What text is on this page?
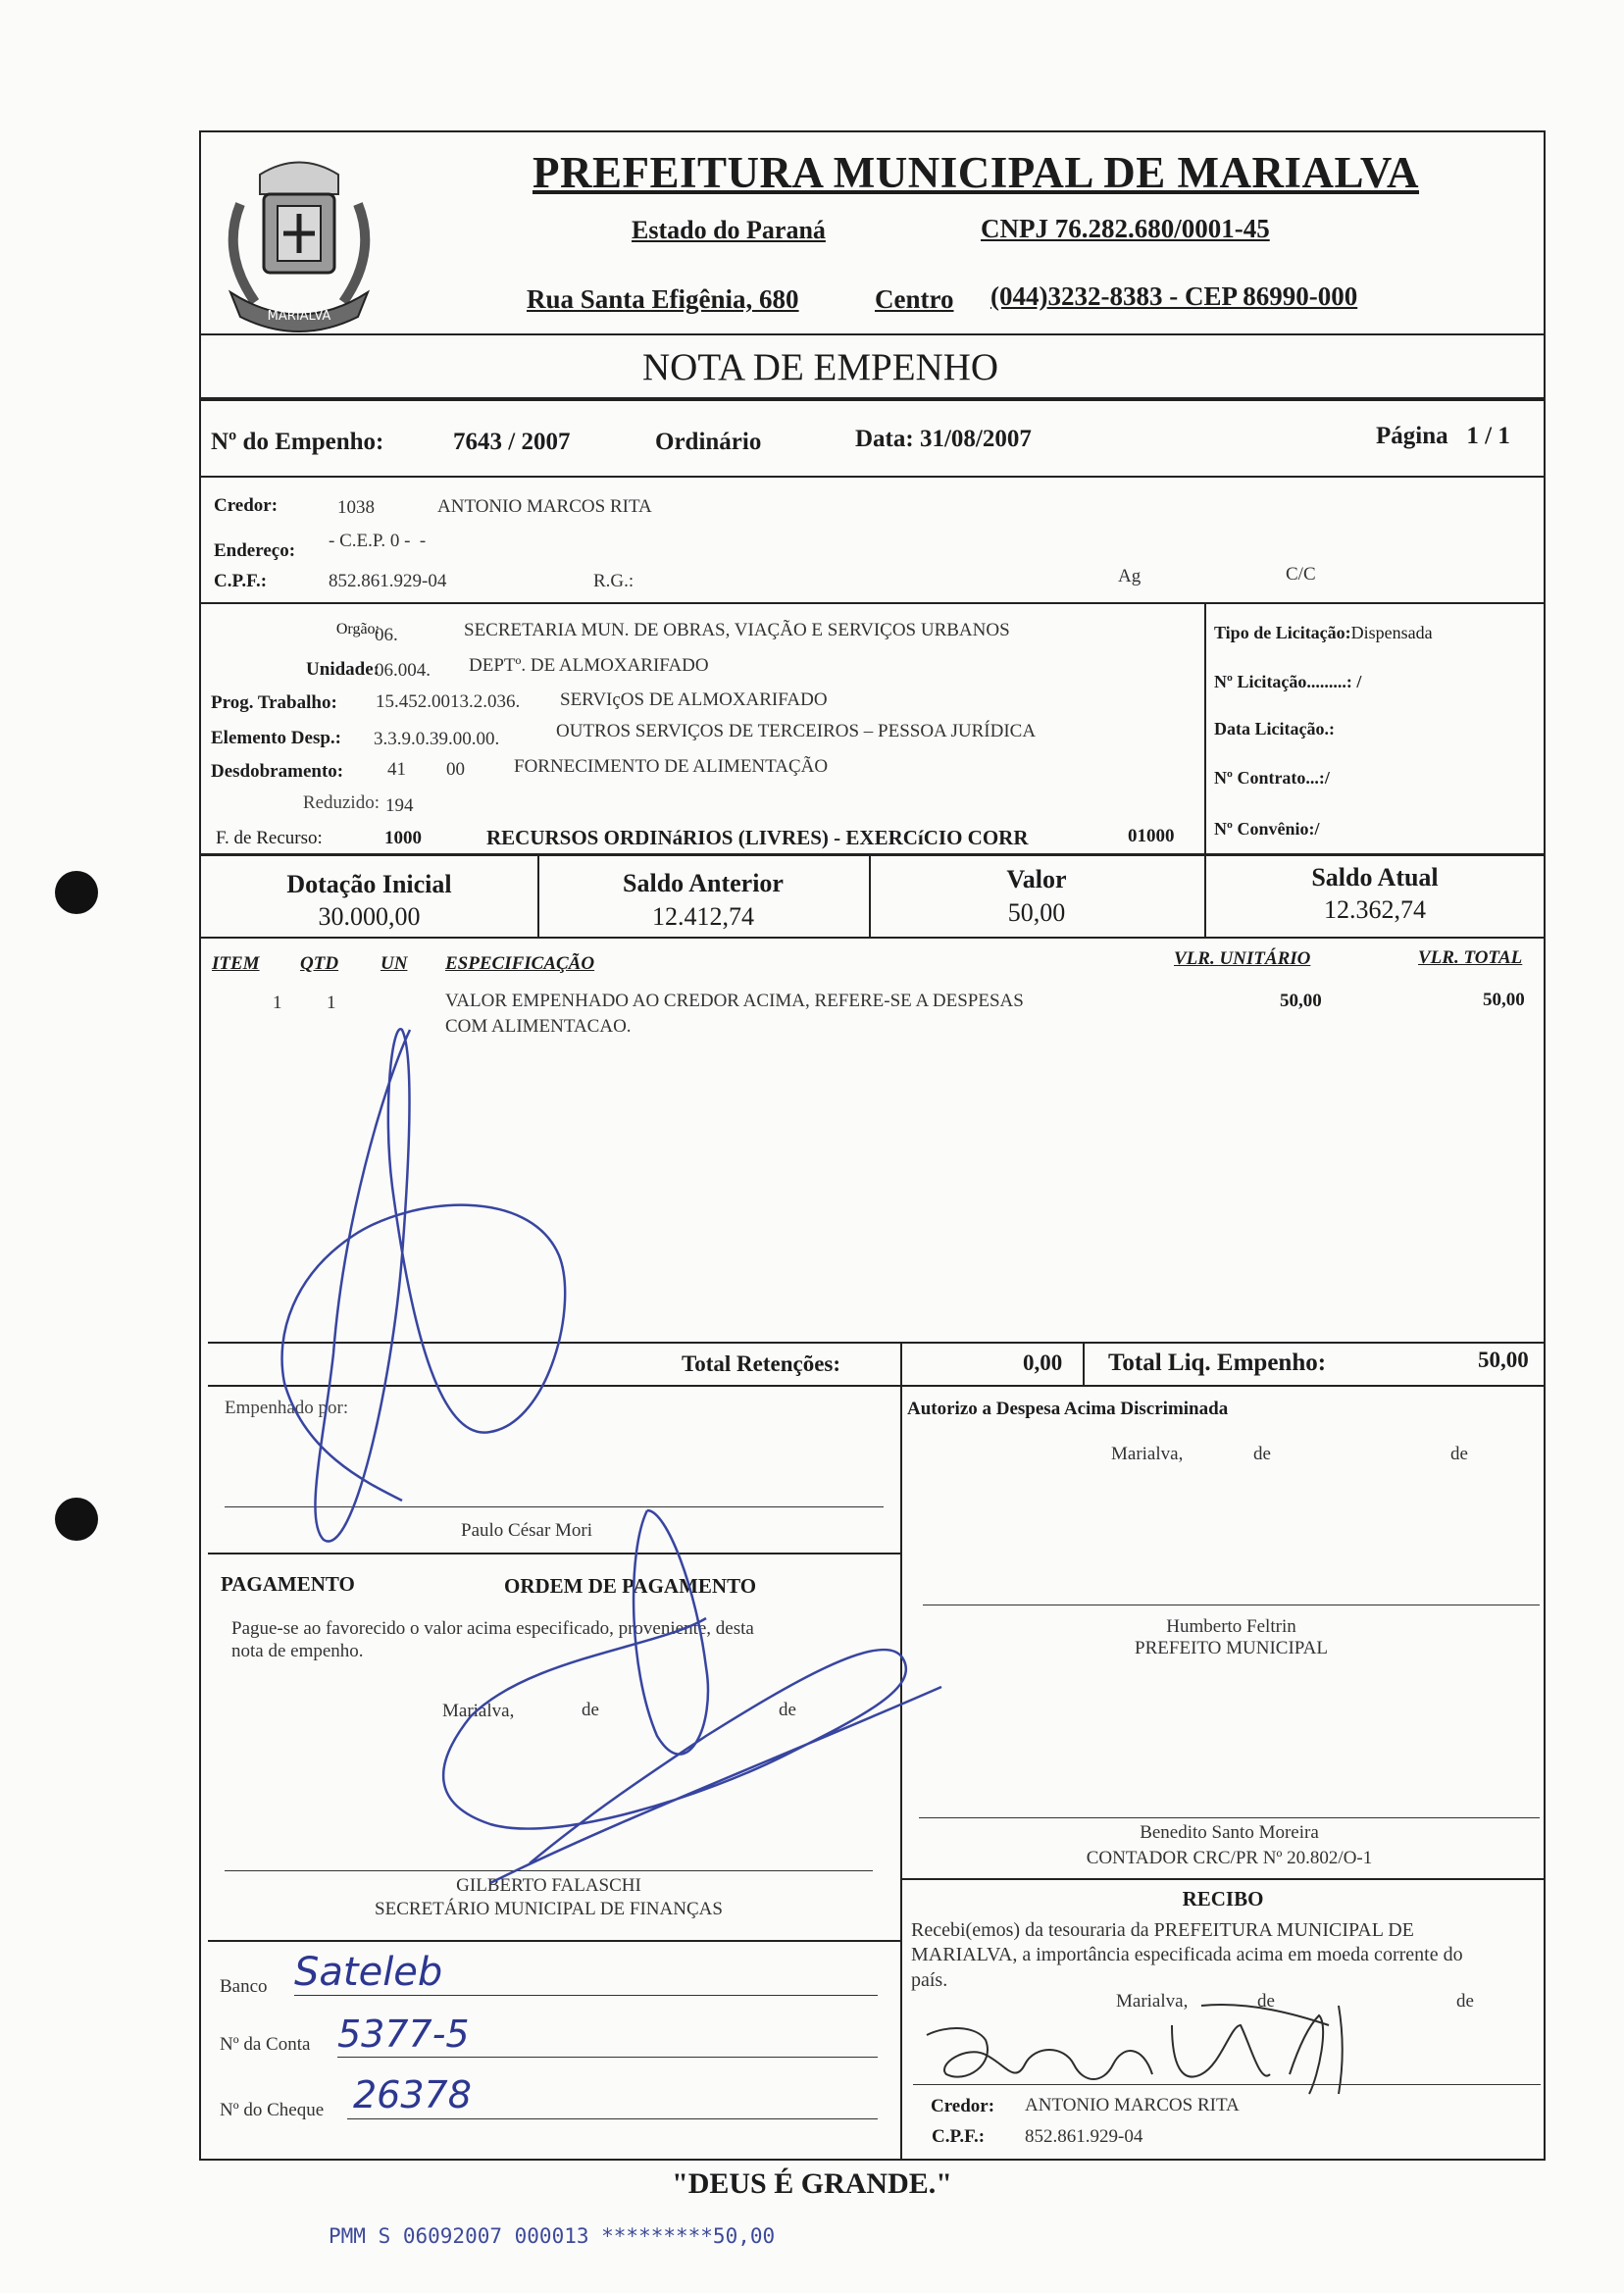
MARIALVA
PREFEITURA MUNICIPAL DE MARIALVA
Estado do Paraná	CNPJ 76.282.680/0001-45
Rua Santa Efigênia, 680	Centro (044)3232-8383 - CEP 86990-000
NOTA DE EMPENHO
Nº do Empenho:	7643 / 2007	Ordinário	Data: 31/08/2007	Página   1 / 1
Credor:	1038	ANTONIO MARCOS RITA
Endereço: - C.E.P. 0 -  -
C.P.F.:	852.861.929-04	R.G.:	Ag	C/C
Orgão:
06.	SECRETARIA MUN. DE OBRAS, VIAÇÃO E SERVIÇOS URBANOS
Unidade:
06.004. DEPTº. DE ALMOXARIFADO
Prog. Trabalho: 15.452.0013.2.036. SERVIçOS DE ALMOXARIFADO
Elemento Desp.: 3.3.9.0.39.00.00.	OUTROS SERVIÇOS DE TERCEIROS – PESSOA JURÍDICA
Desdobramento: 41 00	FORNECIMENTO DE ALIMENTAÇÃO
Reduzido: 194
F. de Recurso:	1000	RECURSOS ORDINáRIOS (LIVRES) - EXERCíCIO CORR	01000
Tipo de Licitação:Dispensada
Nº Licitação.........: /
Data Licitação.:
Nº Contrato...:/
Nº Convênio:/
Dotação Inicial
30.000,00
Saldo Anterior
12.412,74
Valor
50,00
Saldo Atual
12.362,74
ITEM QTD UN ESPECIFICAÇÃO	VLR. UNITÁRIO	VLR. TOTAL
1 1	VALOR EMPENHADO AO CREDOR ACIMA, REFERE-SE A DESPESAS
COM ALIMENTACAO.
50,00	50,00
Total Retenções:	0,00 Total Liq. Empenho:	50,00
Empenhado por:
Paulo César Mori
Autorizo a Despesa Acima Discriminada
Marialva,	de	de
Humberto Feltrin
PREFEITO MUNICIPAL
Benedito Santo Moreira
CONTADOR CRC/PR Nº 20.802/O-1
PAGAMENTO	ORDEM DE PAGAMENTO
Pague-se ao favorecido o valor acima especificado, proveniente, desta
nota de empenho.
Marialva,	de	de
GILBERTO FALASCHI
SECRETÁRIO MUNICIPAL DE FINANÇAS
Banco Sateleb
Nº da Conta 5377-5
Nº do Cheque 26378
RECIBO
Recebi(emos) da tesouraria da PREFEITURA MUNICIPAL DE
MARIALVA, a importância especificada acima em moeda corrente do
país.
Marialva,	de	de
Credor: ANTONIO MARCOS RITA
C.P.F.: 852.861.929-04
"DEUS É GRANDE."
PMM S 06092007 000013 *********50,00
